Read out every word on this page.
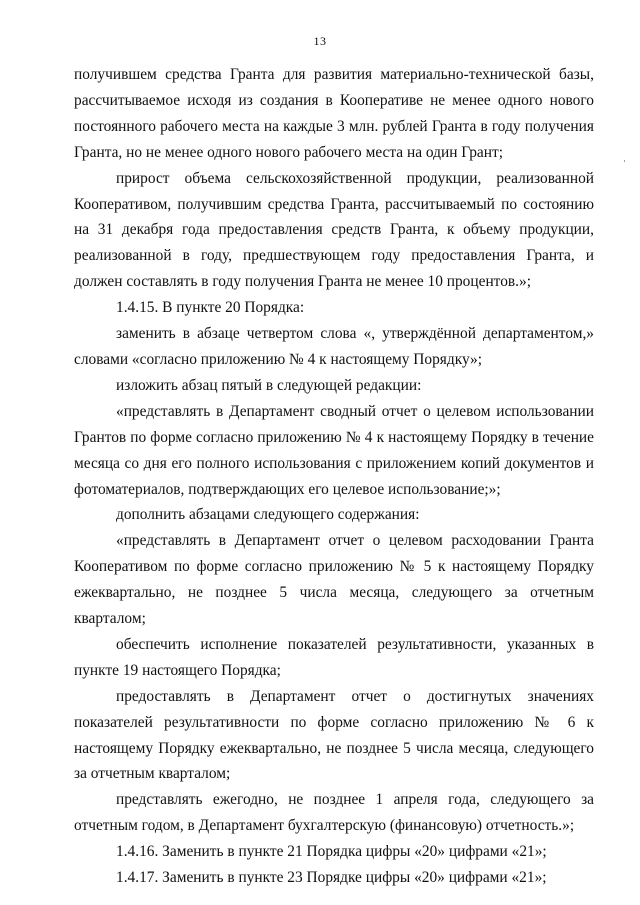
13

получившем средства Гранта для развития материально-технической базы, рассчитываемое исходя из создания в Кооперативе не менее одного нового постоянного рабочего места на каждые 3 млн. рублей Гранта в году получения Гранта, но не менее одного нового рабочего места на один Грант;

прирост объема сельскохозяйственной продукции, реализованной Кооперативом, получившим средства Гранта, рассчитываемый по состоянию на 31 декабря года предоставления средств Гранта, к объему продукции, реализованной в году, предшествующем году предоставления Гранта, и должен составлять в году получения Гранта не менее 10 процентов.»;

1.4.15. В пункте 20 Порядка:

заменить в абзаце четвертом слова «, утверждённой департаментом,» словами «согласно приложению № 4 к настоящему Порядку»;

изложить абзац пятый в следующей редакции:

«представлять в Департамент сводный отчет о целевом использовании Грантов по форме согласно приложению № 4 к настоящему Порядку в течение месяца со дня его полного использования с приложением копий документов и фотоматериалов, подтверждающих его целевое использование;»;

дополнить абзацами следующего содержания:

«представлять в Департамент отчет о целевом расходовании Гранта Кооперативом по форме согласно приложению № 5 к настоящему Порядку ежеквартально, не позднее 5 числа месяца, следующего за отчетным кварталом;

обеспечить исполнение показателей результативности, указанных в пункте 19 настоящего Порядка;

предоставлять в Департамент отчет о достигнутых значениях показателей результативности по форме согласно приложению № 6 к настоящему Порядку ежеквартально, не позднее 5 числа месяца, следующего за отчетным кварталом;

представлять ежегодно, не позднее 1 апреля года, следующего за отчетным годом, в Департамент бухгалтерскую (финансовую) отчетность.»;

1.4.16. Заменить в пункте 21 Порядка цифры «20» цифрами «21»;

1.4.17. Заменить в пункте 23 Порядке цифры «20» цифрами «21»;
